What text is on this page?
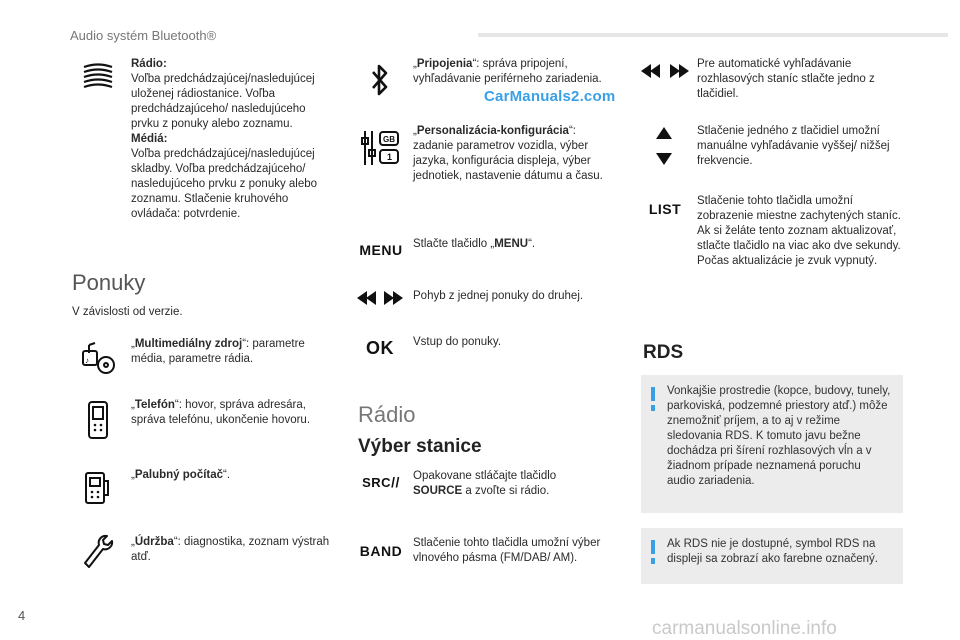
Audio systém Bluetooth®
Rádio:
Voľba predchádzajúcej/nasledujúcej uloženej rádiostanice. Voľba predchádzajúceho/ nasledujúceho prvku z ponuky alebo zoznamu.
Médiá:
Voľba predchádzajúcej/nasledujúcej skladby. Voľba predchádzajúceho/ nasledujúceho prvku z ponuky alebo zoznamu. Stlačenie kruhového ovládača: potvrdenie.
Ponuky
V závislosti od verzie.
♪
„Multimediálny zdroj“: parametre média, parametre rádia.
„Telefón“: hovor, správa adresára, správa telefónu, ukončenie hovoru.
„Palubný počítač“.
„Údržba“: diagnostika, zoznam výstrah atď.
„Pripojenia“: správa pripojení, vyhľadávanie periférneho zariadenia.
CarManuals2.com
GB
1
„Personalizácia-konfigurácia“: zadanie parametrov vozidla, výber jazyka, konfigurácia displeja, výber jednotiek, nastavenie dátumu a času.
MENU Stlačte tlačidlo „MENU“.
Pohyb z jednej ponuky do druhej.
OK	Vstup do ponuky.
Rádio
Výber stanice
SRC // Opakovane stláčajte tlačidlo SOURCE a zvoľte si rádio.
BAND Stlačenie tohto tlačidla umožní výber vlnového pásma (FM/DAB/ AM).
Pre automatické vyhľadávanie rozhlasových staníc stlačte jedno z tlačidiel.
Stlačenie jedného z tlačidiel umožní manuálne vyhľadávanie vyššej/ nižšej frekvencie.
LIST	Stlačenie tohto tlačidla umožní zobrazenie miestne zachytených staníc. Ak si želáte tento zoznam aktualizovať, stlačte tlačidlo na viac ako dve sekundy. Počas aktualizácie je zvuk vypnutý.
RDS
Vonkajšie prostredie (kopce, budovy, tunely, parkoviská, podzemné priestory atď.) môže znemožniť príjem, a to aj v režime sledovania RDS. K tomuto javu bežne dochádza pri šírení rozhlasových vĺn a v žiadnom prípade neznamená poruchu audio zariadenia.
Ak RDS nie je dostupné, symbol RDS na displeji sa zobrazí ako farebne označený.
4
carmanualsonline.info
